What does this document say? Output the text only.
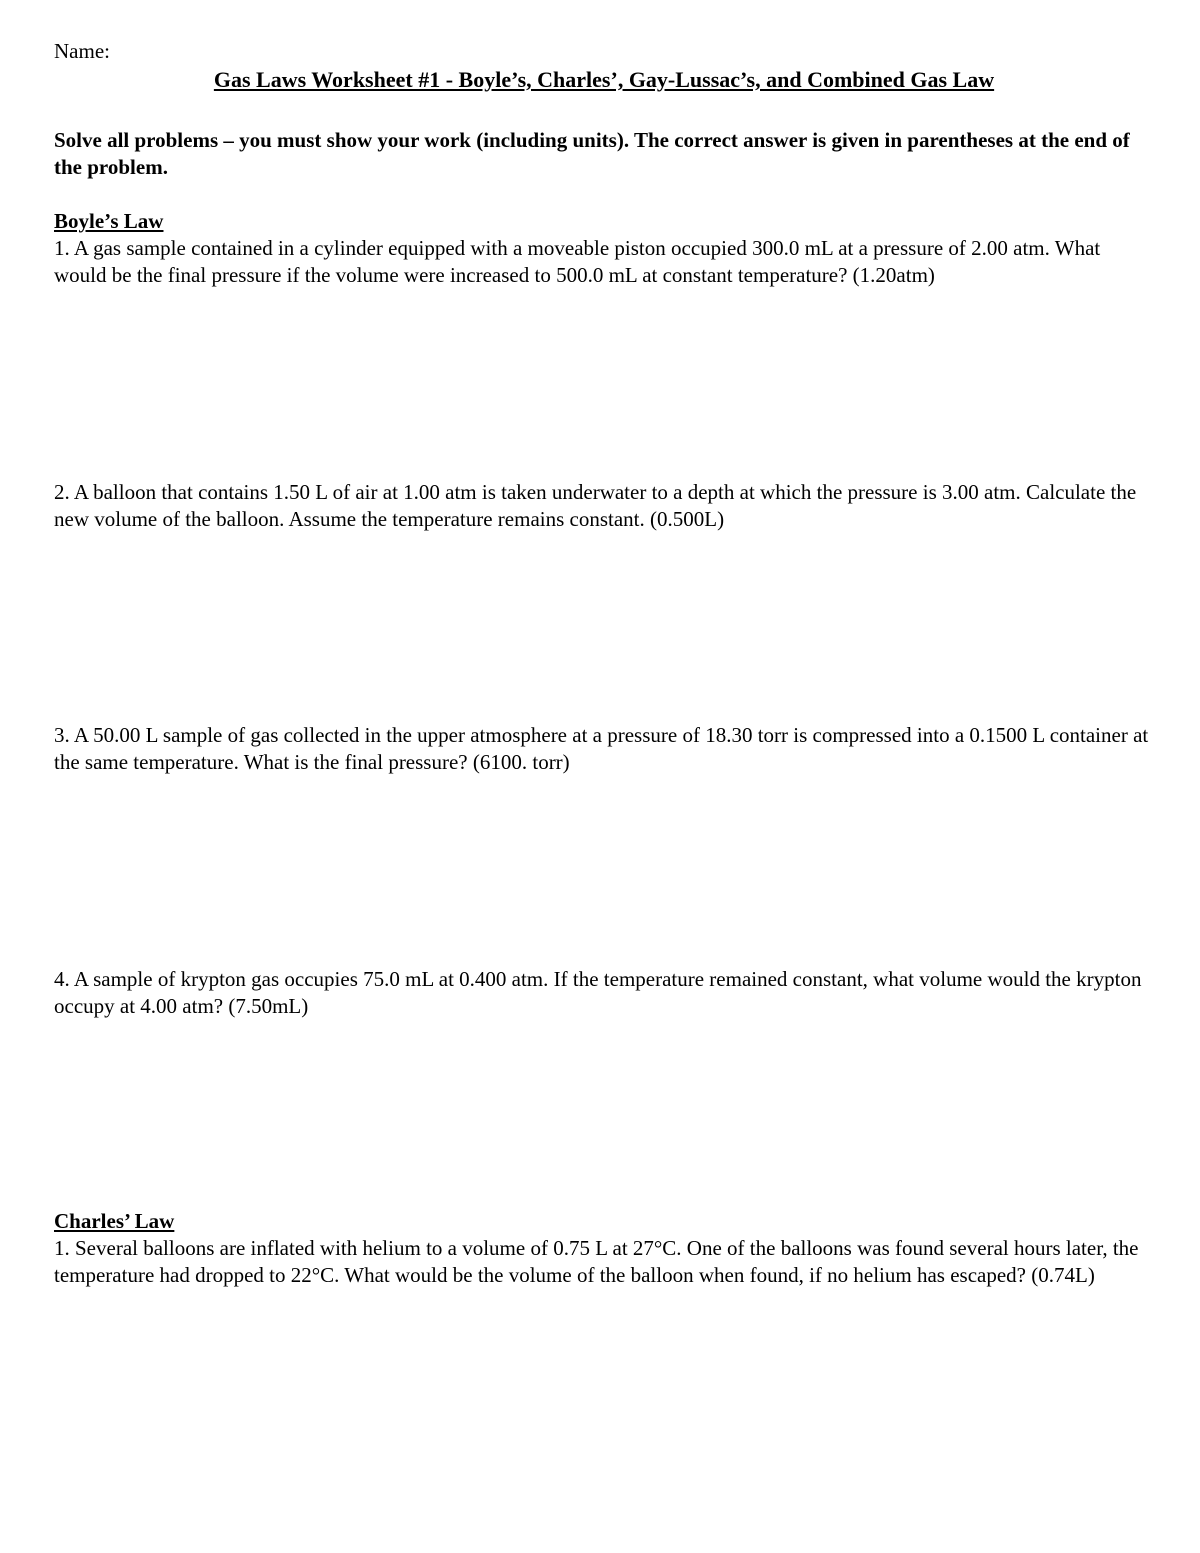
Name:
Gas Laws Worksheet #1 - Boyle’s, Charles’, Gay-Lussac’s, and Combined Gas Law
Solve all problems – you must show your work (including units). The correct answer is given in parentheses at the end of the problem.
Boyle’s Law
1. A gas sample contained in a cylinder equipped with a moveable piston occupied 300.0 mL at a pressure of 2.00 atm. What would be the final pressure if the volume were increased to 500.0 mL at constant temperature? (1.20atm)
2. A balloon that contains 1.50 L of air at 1.00 atm is taken underwater to a depth at which the pressure is 3.00 atm. Calculate the new volume of the balloon. Assume the temperature remains constant. (0.500L)
3. A 50.00 L sample of gas collected in the upper atmosphere at a pressure of 18.30 torr is compressed into a 0.1500 L container at the same temperature. What is the final pressure? (6100. torr)
4. A sample of krypton gas occupies 75.0 mL at 0.400 atm. If the temperature remained constant, what volume would the krypton occupy at 4.00 atm? (7.50mL)
Charles’ Law
1. Several balloons are inflated with helium to a volume of 0.75 L at 27°C. One of the balloons was found several hours later, the temperature had dropped to 22°C. What would be the volume of the balloon when found, if no helium has escaped? (0.74L)
